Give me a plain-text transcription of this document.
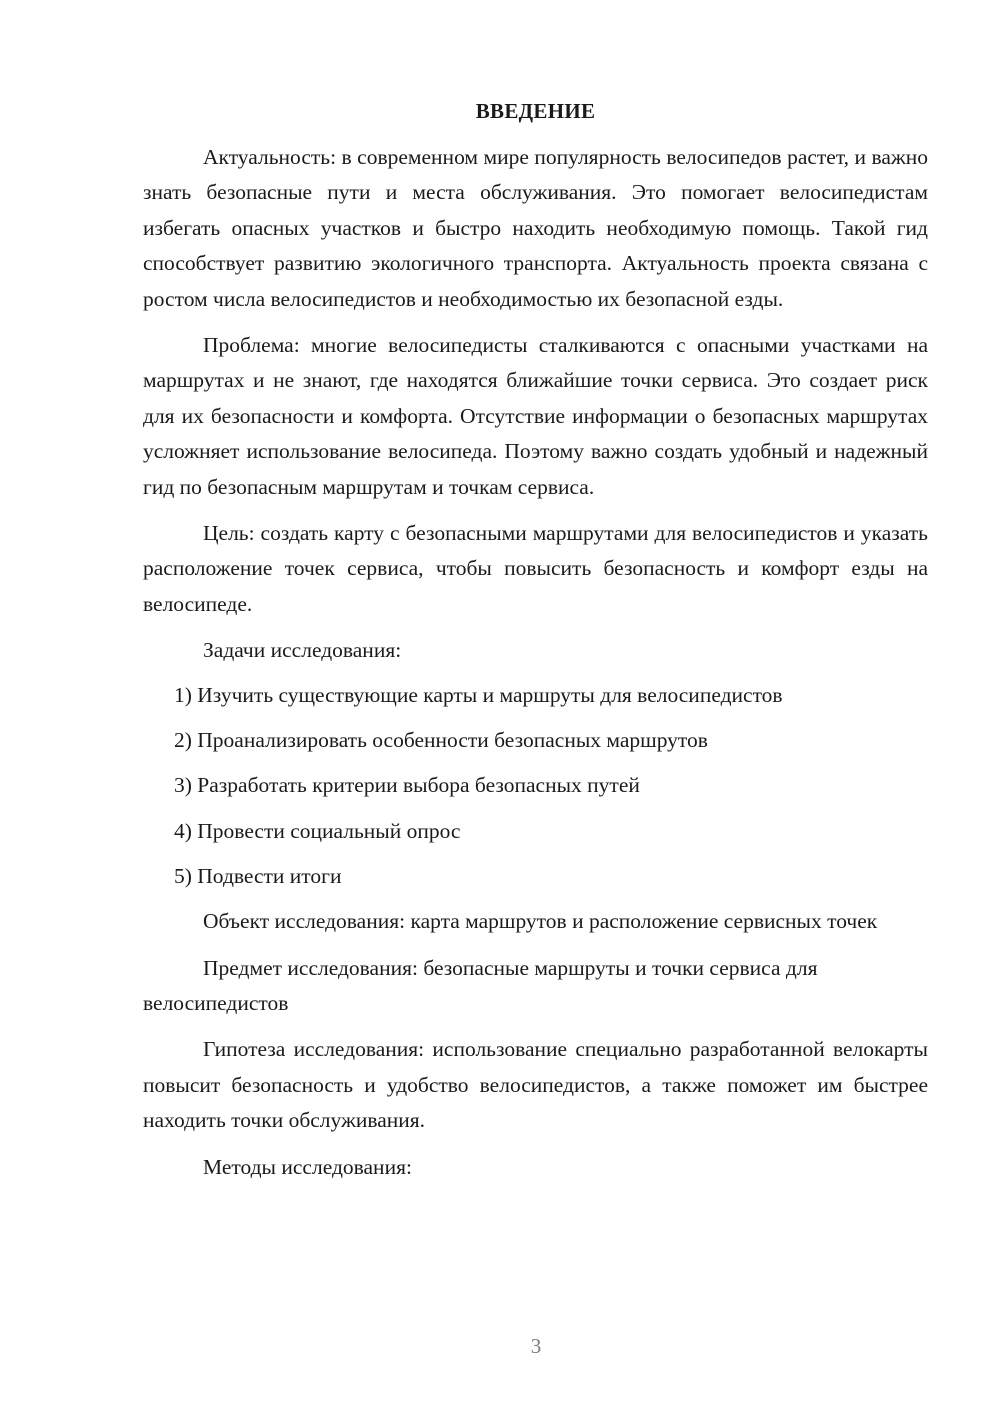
ВВЕДЕНИЕ

Актуальность: в современном мире популярность велосипедов растет, и важно знать безопасные пути и места обслуживания. Это помогает велосипедистам избегать опасных участков и быстро находить необходимую помощь. Такой гид способствует развитию экологичного транспорта. Актуальность проекта связана с ростом числа велосипедистов и необходимостью их безопасной езды.

Проблема: многие велосипедисты сталкиваются с опасными участками на маршрутах и не знают, где находятся ближайшие точки сервиса. Это создает риск для их безопасности и комфорта. Отсутствие информации о безопасных маршрутах усложняет использование велосипеда. Поэтому важно создать удобный и надежный гид по безопасным маршрутам и точкам сервиса.

Цель: создать карту с безопасными маршрутами для велосипедистов и указать расположение точек сервиса, чтобы повысить безопасность и комфорт езды на велосипеде.

Задачи исследования:

1) Изучить существующие карты и маршруты для велосипедистов
2) Проанализировать особенности безопасных маршрутов
3) Разработать критерии выбора безопасных путей
4) Провести социальный опрос
5) Подвести итоги

Объект исследования: карта маршрутов и расположение сервисных точек

Предмет исследования: безопасные маршруты и точки сервиса для велосипедистов

Гипотеза исследования: использование специально разработанной велокарты повысит безопасность и удобство велосипедистов, а также поможет им быстрее находить точки обслуживания.

Методы исследования:

3
